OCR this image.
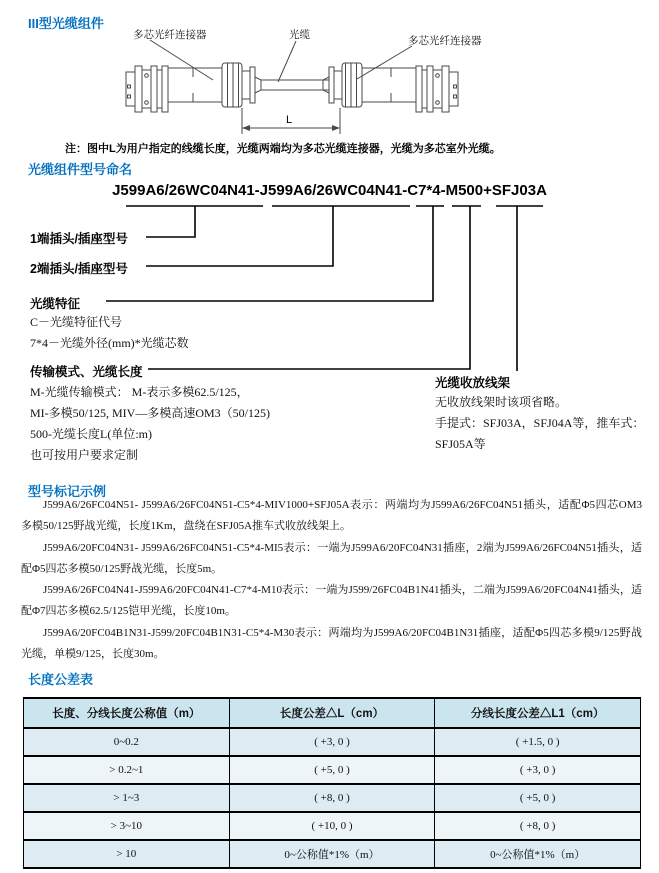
III型光缆组件
多芯光纤连接器	光缆
多芯光纤连接器
L
注：图中L为用户指定的线缆长度，光缆两端均为多芯光缆连接器，光缆为多芯室外光缆。
光缆组件型号命名
J599A6/26WC04N41-J599A6/26WC04N41-C7*4-M500+SFJ03A
1端插头/插座型号
2端插头/插座型号
光缆特征
C－光缆特征代号
7*4－光缆外径(mm)*光缆芯数
传输模式、光缆长度
M-光缆传输模式： M-表示多模62.5/125，
MI-多模50/125, MIV—多模高速OM3（50/125)
500-光缆长度L(单位:m)
也可按用户要求定制
光缆收放线架
无收放线架时该项省略。
手提式：SFJ03A，SFJ04A等，推车式：
SFJ05A等
型号标记示例

J599A6/26FC04N51- J599A6/26FC04N51-C5*4-MIV1000+SFJ05A表示：两端均为J599A6/26FC04N51插头，适配Φ5四芯OM3多模50/125野战光缆，长度1Km，盘绕在SFJ05A推车式收放线架上。

J599A6/20FC04N31- J599A6/26FC04N51-C5*4-MI5表示：一端为J599A6/20FC04N31插座，2端为J599A6/26FC04N51插头，适配Φ5四芯多模50/125野战光缆，长度5m。

J599A6/26FC04N41-J599A6/20FC04N41-C7*4-M10表示：一端为J599/26FC04B1N41插头，二端为J599A6/20FC04N41插头，适配Φ7四芯多模62.5/125铠甲光缆，长度10m。

J599A6/20FC04B1N31-J599/20FC04B1N31-C5*4-M30表示：两端均为J599A6/20FC04B1N31插座，适配Φ5四芯多模9/125野战光缆，单模9/125，长度30m。

长度公差表
长度、分线长度公称值（m）	长度公差△L（cm）	分线长度公差△L1（cm）
0~0.2	( +3, 0 )	( +1.5, 0 )
> 0.2~1	( +5, 0 )	( +3, 0 )
> 1~3	( +8, 0 )	( +5, 0 )
> 3~10	( +10, 0 )	( +8, 0 )
> 10	0~公称值*1%（m）	0~公称值*1%（m）
